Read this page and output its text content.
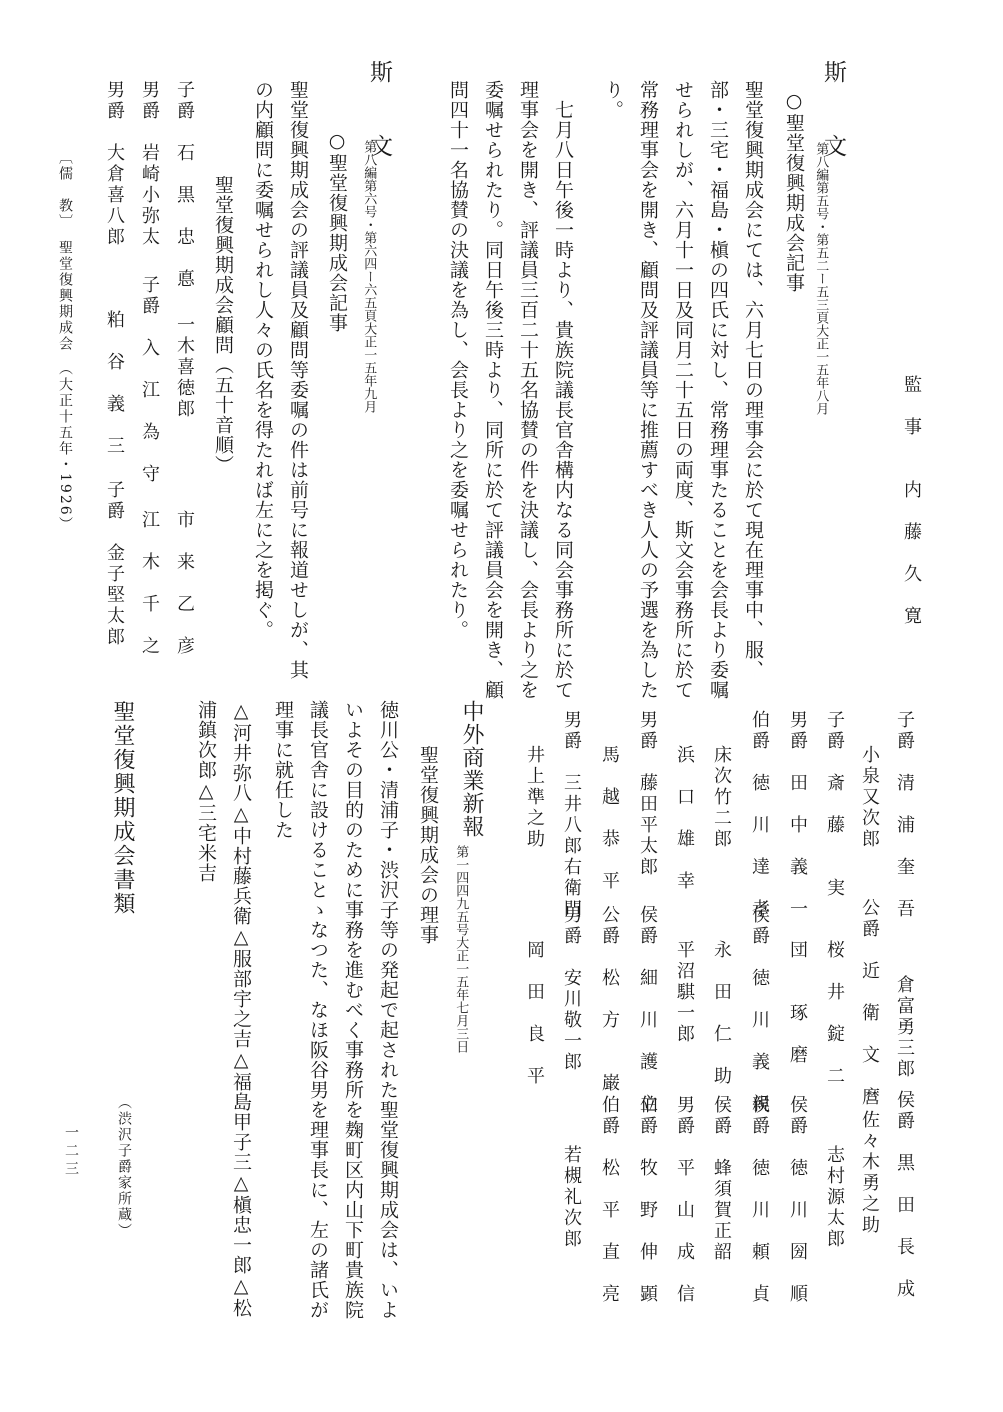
斯　文
第八編第五号・第五二ー五三頁大正一五年八月
○聖堂復興期成会記事
聖堂復興期成会にては、六月七日の理事会に於て現在理事中、服、
部・三宅・福島・槇の四氏に対し、常務理事たることを会長より委嘱
せられしが、六月十一日及同月二十五日の両度、斯文会事務所に於て
常務理事会を開き、顧問及評議員等に推薦すべき人人の予選を為した
り。
七月八日午後一時より、貴族院議長官舎構内なる同会事務所に於て
理事会を開き、評議員三百二十五名協賛の件を決議し、会長より之を
委嘱せられたり。同日午後三時より、同所に於て評議員会を開き、顧
問四十一名協賛の決議を為し、会長より之を委嘱せられたり。
斯　文
第八編第六号・第六四ー六五頁大正一五年九月
○聖堂復興期成会記事
聖堂復興期成会の評議員及顧問等委嘱の件は前号に報道せしが、其
の内顧問に委嘱せられし人々の氏名を得たれば左に之を掲ぐ。
聖堂復興期成会顧問（五十音順）
子爵　石　黒　忠　悳
一木喜徳郎
市　来　乙　彦
男爵　岩崎小弥太
子爵　入　江　為　守
江　木　千　之
男爵　大倉喜八郎
粕　谷　義　三
子爵　金子堅太郎
〔儒　教〕
聖堂復興期成会　（大正十五年・1926）	監　事
内　藤　久　寛
子爵　清　浦　奎　吾
倉富勇三郎
侯爵　黒　田　長　成
小泉又次郎
公爵　近　衛　文　麿
佐々木勇之助
子爵　斎　藤　　実
桜　井　錠　二
志村源太郎
男爵　田　中　義　一
団　　琢　磨
侯爵　徳　川　圀　順
伯爵　徳　川　達　孝
侯爵　徳　川　義　親
侯爵　徳　川　頼　貞
床次竹二郎
永　田　仁　助
侯爵　蜂須賀正韶
浜　口　雄　幸
平沼騏一郎
男爵　平　山　成　信
男爵　藤田平太郎
侯爵　細　川　護　立
伯爵　牧　野　伸　顕
馬　越　恭　平
公爵　松　方　　巌
伯爵　松　平　直　亮
男爵　三井八郎右衛門
男爵　安川敬一郎
若槻礼次郎
井上準之助
岡　田　良　平
中外商業新報
第一四四九五号大正一五年七月三日
聖堂復興期成会の理事
徳川公・清浦子・渋沢子等の発起で起された聖堂復興期成会は、いよ
いよその目的のために事務を進むべく事務所を麹町区内山下町貴族院
議長官舎に設けることゝなつた、なほ阪谷男を理事長に、左の諸氏が
理事に就任した
△河井弥八△中村藤兵衛△服部宇之吉△福島甲子三△槇忠一郎△松
浦鎮次郎△三宅米吉
聖堂復興期成会書類
（渋沢子爵家所蔵）
一二三
